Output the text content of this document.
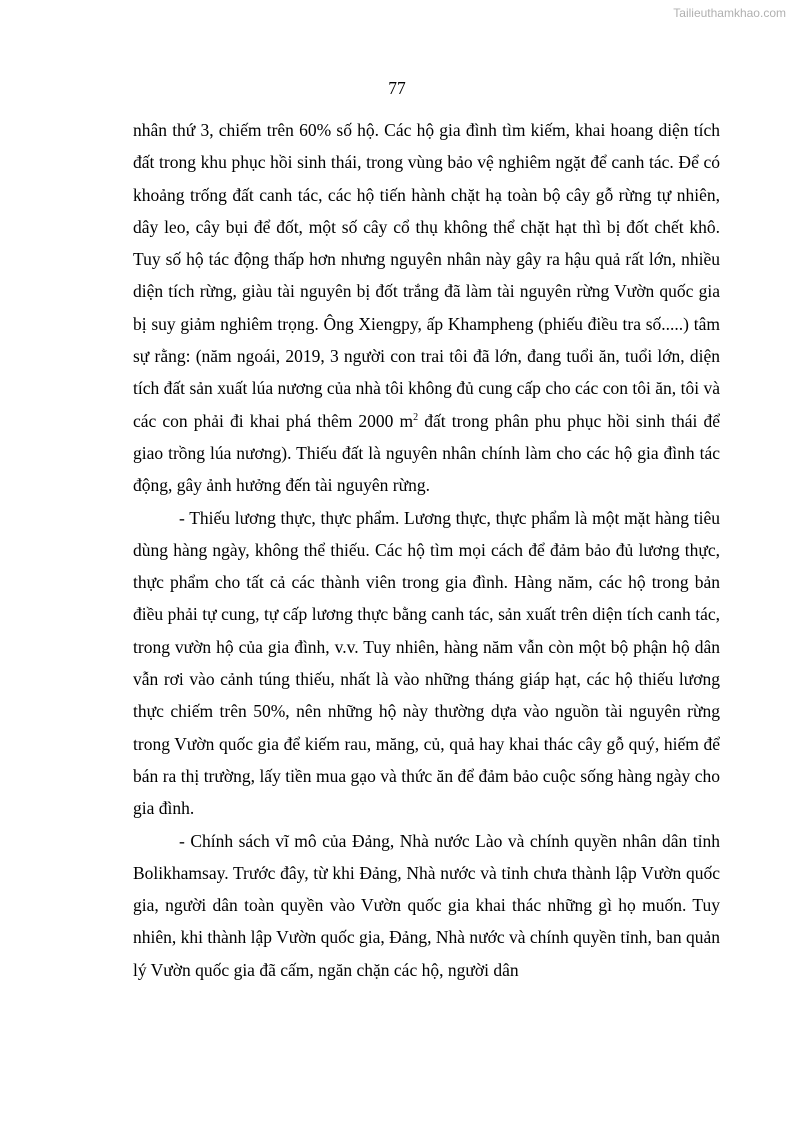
Tailieuthamkhao.com
77

nhân thứ 3, chiếm trên 60% số hộ. Các hộ gia đình tìm kiếm, khai hoang diện tích đất trong khu phục hồi sinh thái, trong vùng bảo vệ nghiêm ngặt để canh tác. Để có khoảng trống đất canh tác, các hộ tiến hành chặt hạ toàn bộ cây gỗ rừng tự nhiên, dây leo, cây bụi để đốt, một số cây cổ thụ không thể chặt hạt thì bị đốt chết khô. Tuy số hộ tác động thấp hơn nhưng nguyên nhân này gây ra hậu quả rất lớn, nhiều diện tích rừng, giàu tài nguyên bị đốt trắng đã làm tài nguyên rừng Vườn quốc gia bị suy giảm nghiêm trọng. Ông Xiengpy, ấp Khampheng (phiếu điều tra số.....) tâm sự rằng: (năm ngoái, 2019, 3 người con trai tôi đã lớn, đang tuổi ăn, tuổi lớn, diện tích đất sản xuất lúa nương của nhà tôi không đủ cung cấp cho các con tôi ăn, tôi và các con phải đi khai phá thêm 2000 $m^2$ đất trong phân phu phục hồi sinh thái để giao trồng lúa nương). Thiếu đất là nguyên nhân chính làm cho các hộ gia đình tác động, gây ảnh hưởng đến tài nguyên rừng.

- Thiếu lương thực, thực phẩm. Lương thực, thực phẩm là một mặt hàng tiêu dùng hàng ngày, không thể thiếu. Các hộ tìm mọi cách để đảm bảo đủ lương thực, thực phẩm cho tất cả các thành viên trong gia đình. Hàng năm, các hộ trong bản điều phải tự cung, tự cấp lương thực bằng canh tác, sản xuất trên diện tích canh tác, trong vườn hộ của gia đình, v.v. Tuy nhiên, hàng năm vẫn còn một bộ phận hộ dân vẫn rơi vào cảnh túng thiếu, nhất là vào những tháng giáp hạt, các hộ thiếu lương thực chiếm trên 50%, nên những hộ này thường dựa vào nguồn tài nguyên rừng trong Vườn quốc gia để kiếm rau, măng, củ, quả hay khai thác cây gỗ quý, hiếm để bán ra thị trường, lấy tiền mua gạo và thức ăn để đảm bảo cuộc sống hàng ngày cho gia đình.

- Chính sách vĩ mô của Đảng, Nhà nước Lào và chính quyền nhân dân tỉnh Bolikhamsay. Trước đây, từ khi Đảng, Nhà nước và tỉnh chưa thành lập Vườn quốc gia, người dân toàn quyền vào Vườn quốc gia khai thác những gì họ muốn. Tuy nhiên, khi thành lập Vườn quốc gia, Đảng, Nhà nước và chính quyền tỉnh, ban quản lý Vườn quốc gia đã cấm, ngăn chặn các hộ, người dân
